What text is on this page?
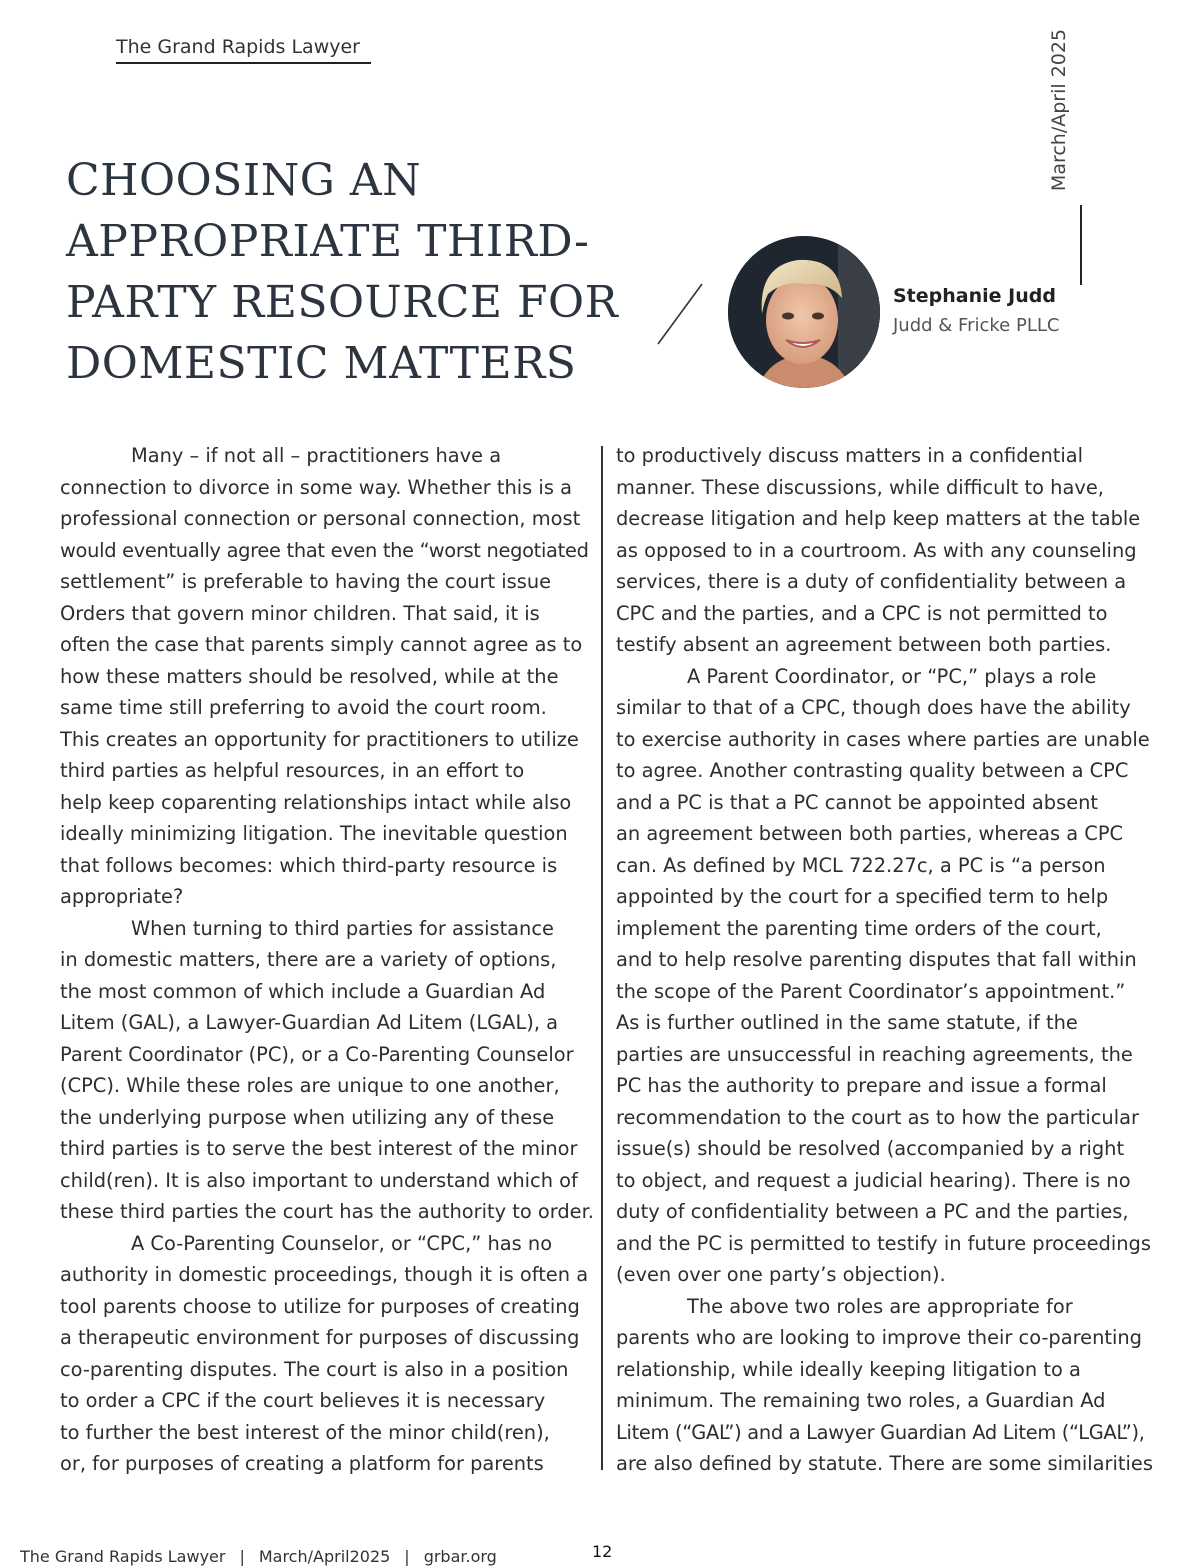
The Grand Rapids Lawyer	March/April 2025
CHOOSING AN
APPROPRIATE THIRD-
PARTY RESOURCE FOR
DOMESTIC MATTERS
Stephanie Judd
Judd & Fricke PLLC
Many – if not all – practitioners have a
connection to divorce in some way. Whether this is a
professional connection or personal connection, most
would eventually agree that even the “worst negotiated
settlement” is preferable to having the court issue
Orders that govern minor children. That said, it is
often the case that parents simply cannot agree as to
how these matters should be resolved, while at the
same time still preferring to avoid the court room.
This creates an opportunity for practitioners to utilize
third parties as helpful resources, in an effort to
help keep coparenting relationships intact while also
ideally minimizing litigation. The inevitable question
that follows becomes: which third-party resource is
appropriate?
When turning to third parties for assistance
in domestic matters, there are a variety of options,
the most common of which include a Guardian Ad
Litem (GAL), a Lawyer-Guardian Ad Litem (LGAL), a
Parent Coordinator (PC), or a Co-Parenting Counselor
(CPC). While these roles are unique to one another,
the underlying purpose when utilizing any of these
third parties is to serve the best interest of the minor
child(ren). It is also important to understand which of
these third parties the court has the authority to order.
A Co-Parenting Counselor, or “CPC,” has no
authority in domestic proceedings, though it is often a
tool parents choose to utilize for purposes of creating
a therapeutic environment for purposes of discussing
co-parenting disputes. The court is also in a position
to order a CPC if the court believes it is necessary
to further the best interest of the minor child(ren),
or, for purposes of creating a platform for parents
to productively discuss matters in a confidential
manner. These discussions, while difficult to have,
decrease litigation and help keep matters at the table
as opposed to in a courtroom. As with any counseling
services, there is a duty of confidentiality between a
CPC and the parties, and a CPC is not permitted to
testify absent an agreement between both parties.
A Parent Coordinator, or “PC,” plays a role
similar to that of a CPC, though does have the ability
to exercise authority in cases where parties are unable
to agree. Another contrasting quality between a CPC
and a PC is that a PC cannot be appointed absent
an agreement between both parties, whereas a CPC
can. As defined by MCL 722.27c, a PC is “a person
appointed by the court for a specified term to help
implement the parenting time orders of the court,
and to help resolve parenting disputes that fall within
the scope of the Parent Coordinator’s appointment.”
As is further outlined in the same statute, if the
parties are unsuccessful in reaching agreements, the
PC has the authority to prepare and issue a formal
recommendation to the court as to how the particular
issue(s) should be resolved (accompanied by a right
to object, and request a judicial hearing). There is no
duty of confidentiality between a PC and the parties,
and the PC is permitted to testify in future proceedings
(even over one party’s objection).
The above two roles are appropriate for
parents who are looking to improve their co-parenting
relationship, while ideally keeping litigation to a
minimum. The remaining two roles, a Guardian Ad
Litem (“GAL”) and a Lawyer Guardian Ad Litem (“LGAL”),
are also defined by statute. There are some similarities
The Grand Rapids Lawyer | March/April2025 | grbar.org	12
